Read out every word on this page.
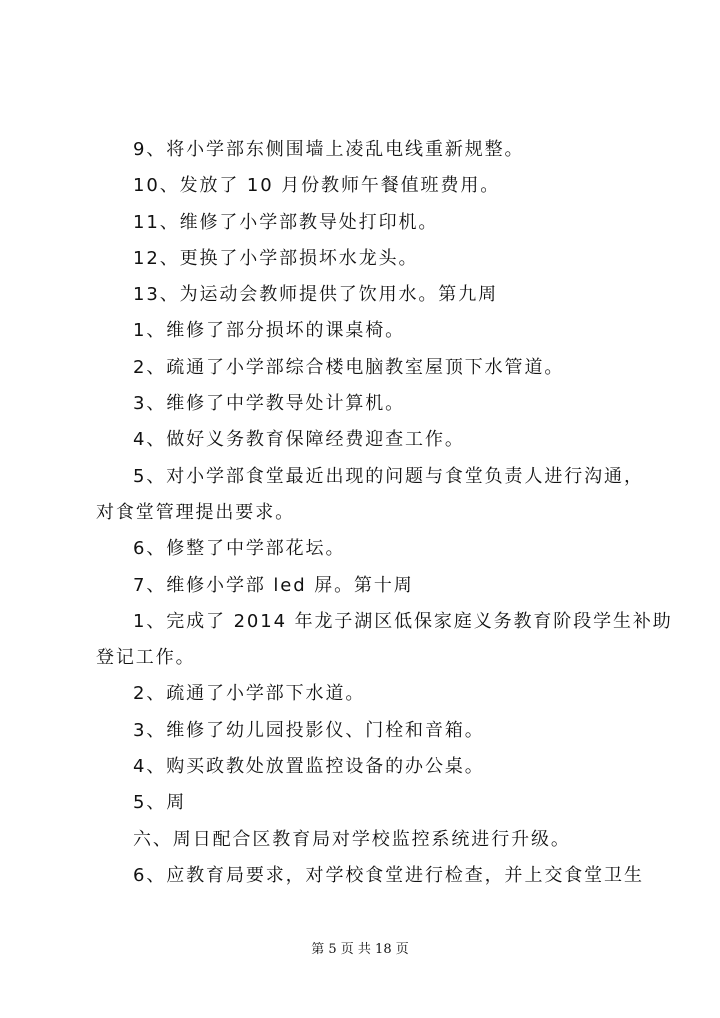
9、将小学部东侧围墙上凌乱电线重新规整。
10、发放了 10 月份教师午餐值班费用。
11、维修了小学部教导处打印机。
12、更换了小学部损坏水龙头。
13、为运动会教师提供了饮用水。第九周
1、维修了部分损坏的课桌椅。
2、疏通了小学部综合楼电脑教室屋顶下水管道。
3、维修了中学教导处计算机。
4、做好义务教育保障经费迎查工作。
5、对小学部食堂最近出现的问题与食堂负责人进行沟通，
对食堂管理提出要求。
6、修整了中学部花坛。
7、维修小学部 led 屏。第十周
1、完成了 2014 年龙子湖区低保家庭义务教育阶段学生补助
登记工作。
2、疏通了小学部下水道。
3、维修了幼儿园投影仪、门栓和音箱。
4、购买政教处放置监控设备的办公桌。
5、周
六、周日配合区教育局对学校监控系统进行升级。
6、应教育局要求，对学校食堂进行检查，并上交食堂卫生
第 5 页 共 18 页
